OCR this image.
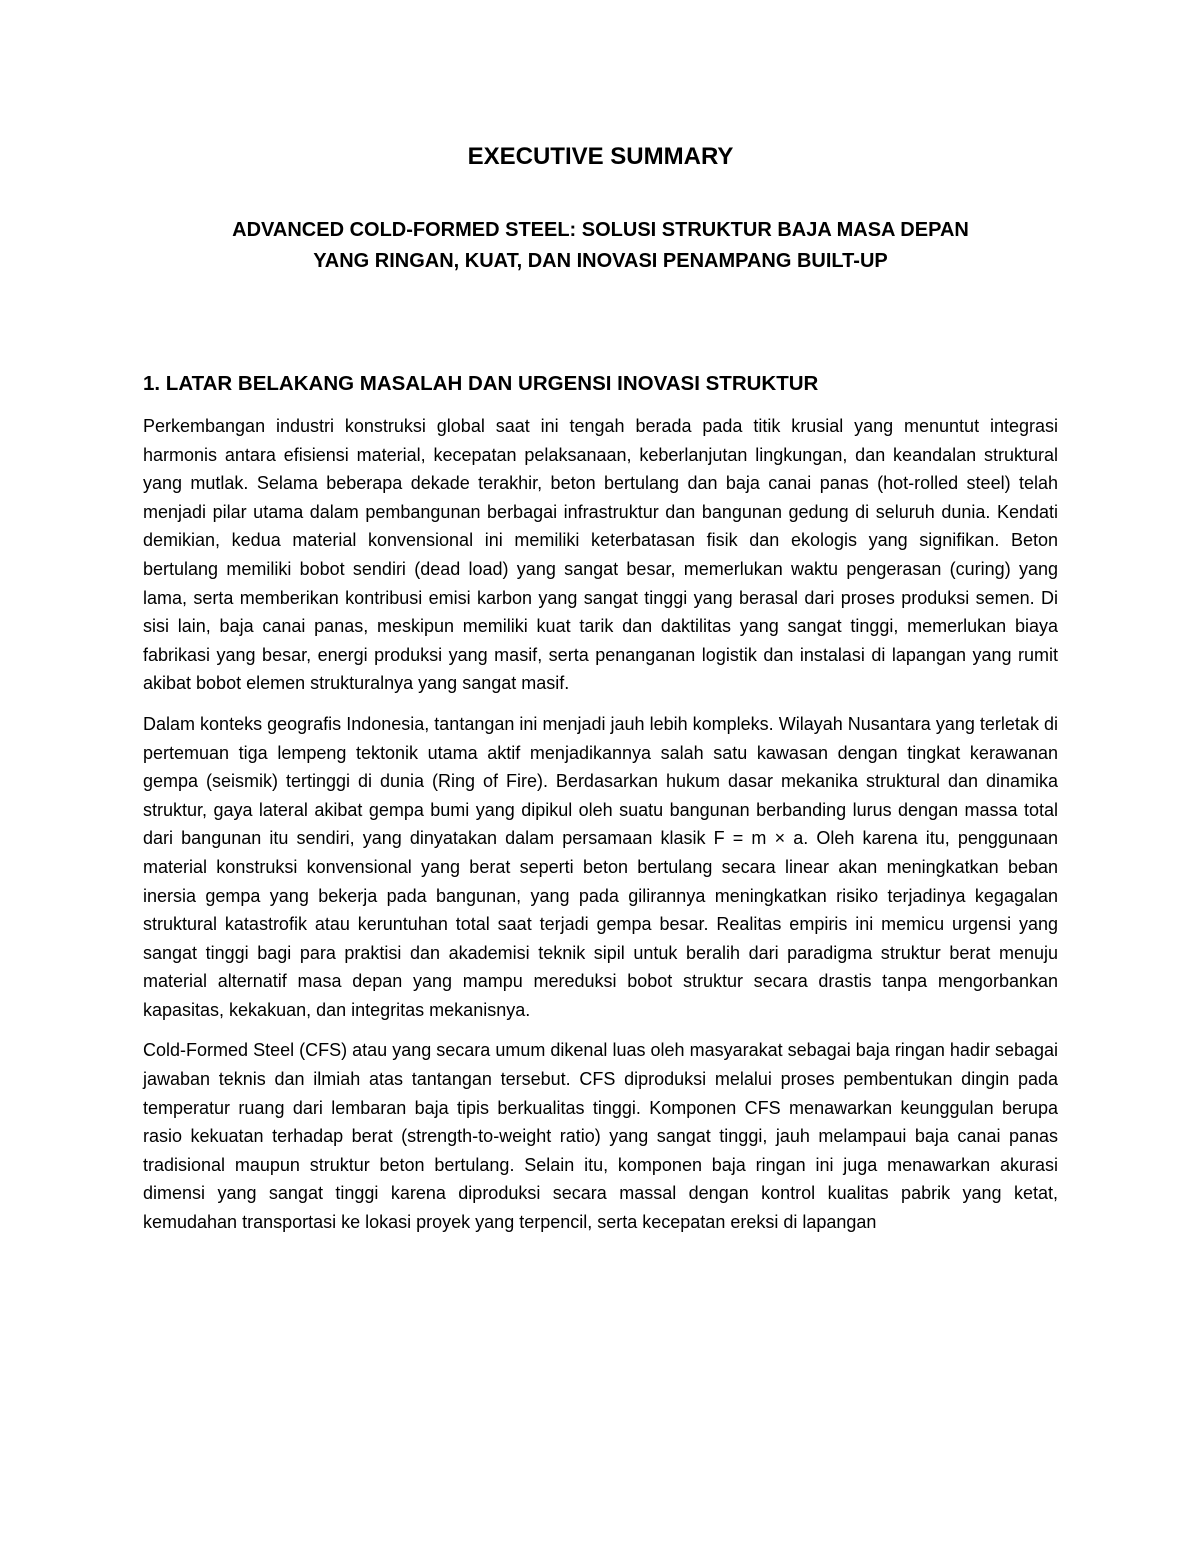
EXECUTIVE SUMMARY
ADVANCED COLD-FORMED STEEL: SOLUSI STRUKTUR BAJA MASA DEPAN
YANG RINGAN, KUAT, DAN INOVASI PENAMPANG BUILT-UP
1. LATAR BELAKANG MASALAH DAN URGENSI INOVASI STRUKTUR

Perkembangan industri konstruksi global saat ini tengah berada pada titik krusial yang menuntut integrasi harmonis antara efisiensi material, kecepatan pelaksanaan, keberlanjutan lingkungan, dan keandalan struktural yang mutlak. Selama beberapa dekade terakhir, beton bertulang dan baja canai panas (hot-rolled steel) telah menjadi pilar utama dalam pembangunan berbagai infrastruktur dan bangunan gedung di seluruh dunia. Kendati demikian, kedua material konvensional ini memiliki keterbatasan fisik dan ekologis yang signifikan. Beton bertulang memiliki bobot sendiri (dead load) yang sangat besar, memerlukan waktu pengerasan (curing) yang lama, serta memberikan kontribusi emisi karbon yang sangat tinggi yang berasal dari proses produksi semen. Di sisi lain, baja canai panas, meskipun memiliki kuat tarik dan daktilitas yang sangat tinggi, memerlukan biaya fabrikasi yang besar, energi produksi yang masif, serta penanganan logistik dan instalasi di lapangan yang rumit akibat bobot elemen strukturalnya yang sangat masif.

Dalam konteks geografis Indonesia, tantangan ini menjadi jauh lebih kompleks. Wilayah Nusantara yang terletak di pertemuan tiga lempeng tektonik utama aktif menjadikannya salah satu kawasan dengan tingkat kerawanan gempa (seismik) tertinggi di dunia (Ring of Fire). Berdasarkan hukum dasar mekanika struktural dan dinamika struktur, gaya lateral akibat gempa bumi yang dipikul oleh suatu bangunan berbanding lurus dengan massa total dari bangunan itu sendiri, yang dinyatakan dalam persamaan klasik F = m × a. Oleh karena itu, penggunaan material konstruksi konvensional yang berat seperti beton bertulang secara linear akan meningkatkan beban inersia gempa yang bekerja pada bangunan, yang pada gilirannya meningkatkan risiko terjadinya kegagalan struktural katastrofik atau keruntuhan total saat terjadi gempa besar. Realitas empiris ini memicu urgensi yang sangat tinggi bagi para praktisi dan akademisi teknik sipil untuk beralih dari paradigma struktur berat menuju material alternatif masa depan yang mampu mereduksi bobot struktur secara drastis tanpa mengorbankan kapasitas, kekakuan, dan integritas mekanisnya.

Cold-Formed Steel (CFS) atau yang secara umum dikenal luas oleh masyarakat sebagai baja ringan hadir sebagai jawaban teknis dan ilmiah atas tantangan tersebut. CFS diproduksi melalui proses pembentukan dingin pada temperatur ruang dari lembaran baja tipis berkualitas tinggi. Komponen CFS menawarkan keunggulan berupa rasio kekuatan terhadap berat (strength-to-weight ratio) yang sangat tinggi, jauh melampaui baja canai panas tradisional maupun struktur beton bertulang. Selain itu, komponen baja ringan ini juga menawarkan akurasi dimensi yang sangat tinggi karena diproduksi secara massal dengan kontrol kualitas pabrik yang ketat, kemudahan transportasi ke lokasi proyek yang terpencil, serta kecepatan ereksi di lapangan
